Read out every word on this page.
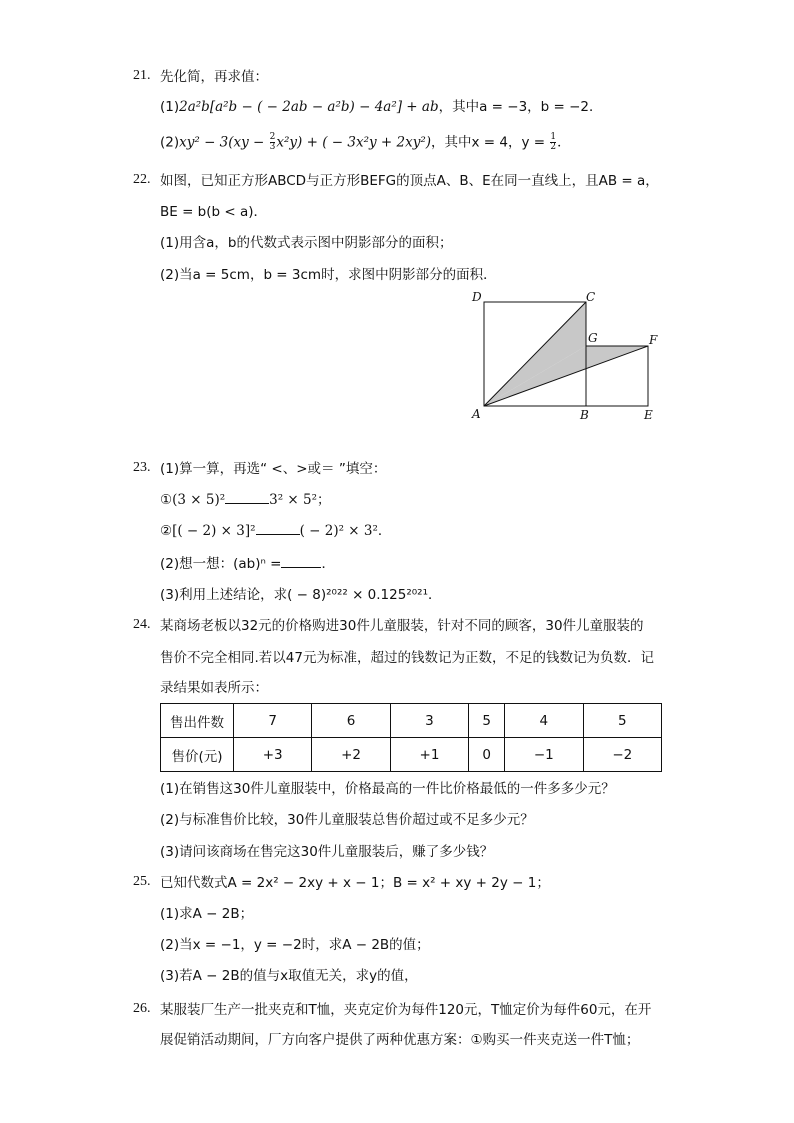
21. 先化简，再求值：
(1)2a²b[a²b − ( − 2ab − a²b) − 4a²] + ab，其中a = −3，b = −2．
$(2)xy^2 - 3(xy - \frac{2}{3} x^2y)$ + ( − 3x²y + 2xy²)，其中x = 4，$y = \frac{1}{2}$ ．
22. 如图，已知正方形ABCD与正方形BEFG的顶点A、B、E在同一直线上，且AB = a，
BE = b(b < a)．
(1)用含a，b的代数式表示图中阴影部分的面积；
(2)当a = 5cm，b = 3cm时，求图中阴影部分的面积．
D	C
G	F
A	B	E
23. (1)算一算，再选“ <、>或＝ ”填空：
①(3 × 5)²	3² × 5²；
②[( − 2) × 3]²	( − 2)² × 3²．
(2)想一想：(ab)ⁿ =	．
(3)利用上述结论，求( − 8)²⁰²² × 0.125²⁰²¹．
24. 某商场老板以32元的价格购进30件儿童服装，针对不同的顾客，30件儿童服装的
售价不完全相同.若以47元为标准，超过的钱数记为正数，不足的钱数记为负数．记
录结果如表所示：
售出件数	7	6	3	5	4	5
售价(元)	+3	+2	+1	0	−1	−2
(1)在销售这30件儿童服装中，价格最高的一件比价格最低的一件多多少元？
(2)与标准售价比较，30件儿童服装总售价超过或不足多少元？
(3)请问该商场在售完这30件儿童服装后，赚了多少钱？
25. 已知代数式A = 2x² − 2xy + x − 1；B = x² + xy + 2y − 1；
(1)求A − 2B；
(2)当x = −1，y = −2时，求A − 2B的值；
(3)若A − 2B的值与x取值无关，求y的值，
26. 某服装厂生产一批夹克和T恤，夹克定价为每件120元，T恤定价为每件60元，在开
展促销活动期间，厂方向客户提供了两种优惠方案：①购买一件夹克送一件T恤；
